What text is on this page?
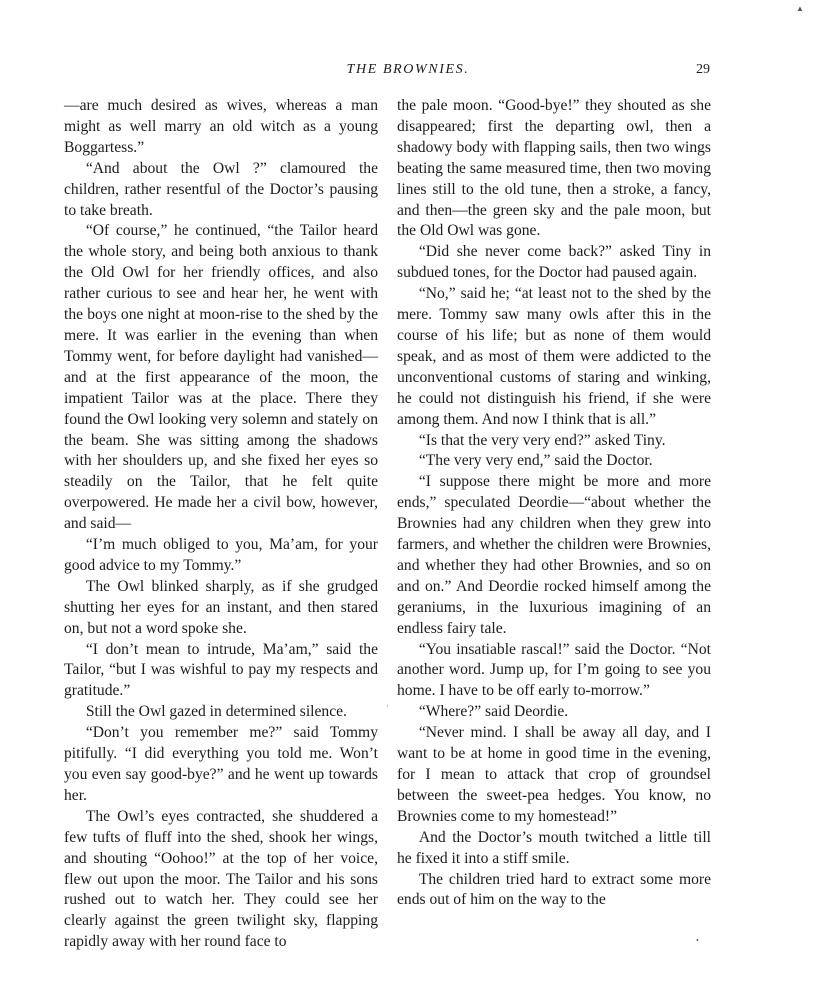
THE BROWNIES.	29

—are much desired as wives, whereas a man might as well marry an old witch as a young Boggartess.”

“And about the Owl ?” clamoured the children, rather resentful of the Doctor’s pausing to take breath.

“Of course,” he continued, “the Tailor heard the whole story, and being both anxious to thank the Old Owl for her friendly offices, and also rather curious to see and hear her, he went with the boys one night at moon-rise to the shed by the mere. It was earlier in the evening than when Tommy went, for before daylight had vanished—and at the first appearance of the moon, the impatient Tailor was at the place. There they found the Owl looking very solemn and stately on the beam. She was sitting among the shadows with her shoulders up, and she fixed her eyes so steadily on the Tailor, that he felt quite overpowered. He made her a civil bow, however, and said—

“I’m much obliged to you, Ma’am, for your good advice to my Tommy.”

The Owl blinked sharply, as if she grudged shutting her eyes for an instant, and then stared on, but not a word spoke she.

“I don’t mean to intrude, Ma’am,” said the Tailor, “but I was wishful to pay my respects and gratitude.”

Still the Owl gazed in determined silence.

“Don’t you remember me?” said Tommy pitifully. “I did everything you told me. Won’t you even say good-bye?” and he went up towards her.

The Owl’s eyes contracted, she shuddered a few tufts of fluff into the shed, shook her wings, and shouting “Oohoo!” at the top of her voice, flew out upon the moor. The Tailor and his sons rushed out to watch her. They could see her clearly against the green twilight sky, flapping rapidly away with her round face to

the pale moon. “Good-bye!” they shouted as she disappeared; first the departing owl, then a shadowy body with flapping sails, then two wings beating the same measured time, then two moving lines still to the old tune, then a stroke, a fancy, and then—the green sky and the pale moon, but the Old Owl was gone.

“Did she never come back?” asked Tiny in subdued tones, for the Doctor had paused again.

“No,” said he; “at least not to the shed by the mere. Tommy saw many owls after this in the course of his life; but as none of them would speak, and as most of them were addicted to the unconventional customs of staring and winking, he could not distinguish his friend, if she were among them. And now I think that is all.”

“Is that the very very end?” asked Tiny.

“The very very end,” said the Doctor.

“I suppose there might be more and more ends,” speculated Deordie—“about whether the Brownies had any children when they grew into farmers, and whether the children were Brownies, and whether they had other Brownies, and so on and on.” And Deordie rocked himself among the geraniums, in the luxurious imagining of an endless fairy tale.

“You insatiable rascal!” said the Doctor. “Not another word. Jump up, for I’m going to see you home. I have to be off early to-morrow.”

“Where?” said Deordie.

“Never mind. I shall be away all day, and I want to be at home in good time in the evening, for I mean to attack that crop of groundsel between the sweet-pea hedges. You know, no Brownies come to my homestead!”

And the Doctor’s mouth twitched a little till he fixed it into a stiff smile.

The children tried hard to extract some more ends out of him on the way to the

▲
·
•
